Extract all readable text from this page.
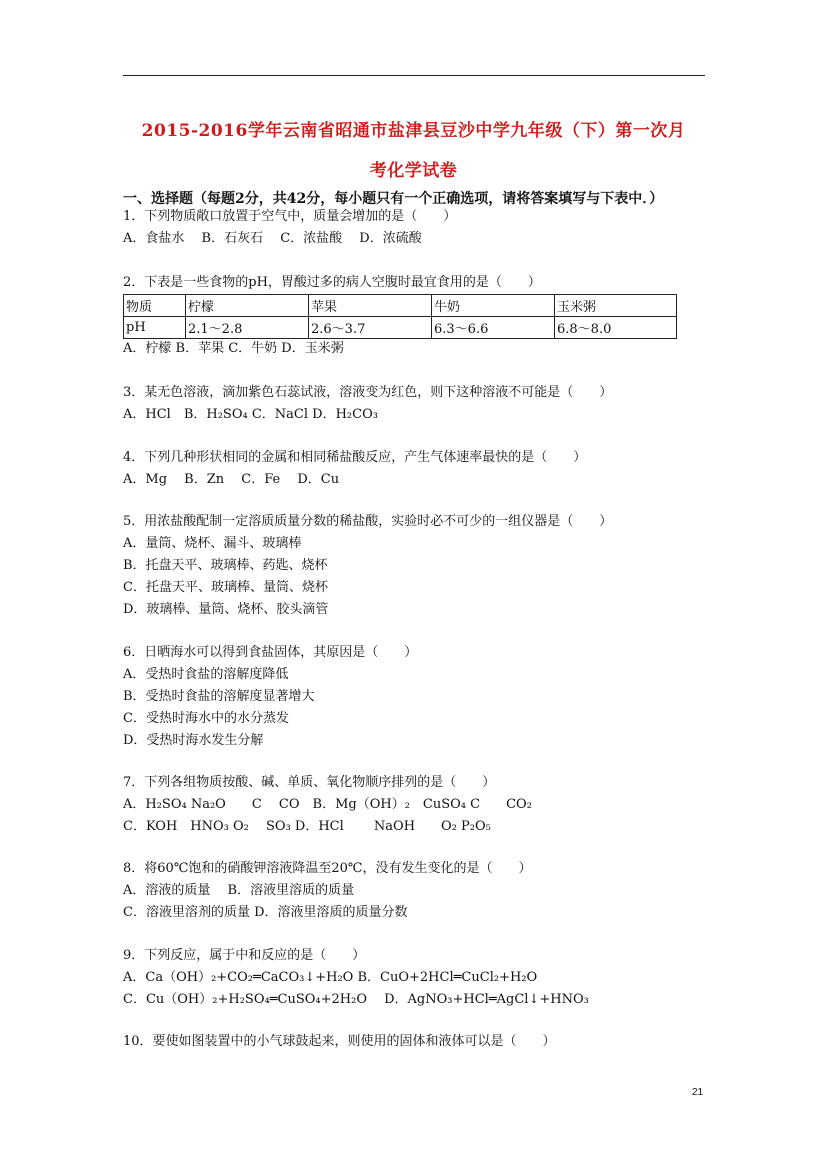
2015-2016学年云南省昭通市盐津县豆沙中学九年级（下）第一次月
考化学试卷
一、选择题（每题2分，共42分，每小题只有一个正确选项，请将答案填写与下表中．）
1．下列物质敞口放置于空气中，质量会增加的是（　　）
A．食盐水　 B．石灰石　 C．浓盐酸　 D．浓硫酸
2．下表是一些食物的pH，胃酸过多的病人空腹时最宜食用的是（　　）
物质	柠檬	苹果	牛奶	玉米粥
pH	2.1～2.8	2.6～3.7	6.3～6.6	6.8～8.0
A．柠檬 B．苹果 C．牛奶 D．玉米粥
3．某无色溶液，滴加紫色石蕊试液，溶液变为红色，则下这种溶液不可能是（　　）
A．HCl　B．H₂SO₄ C．NaCl D．H₂CO₃
4．下列几种形状相同的金属和相同稀盐酸反应，产生气体速率最快的是（　　）
A．Mg　 B．Zn　 C．Fe　 D．Cu
5．用浓盐酸配制一定溶质质量分数的稀盐酸，实验时必不可少的一组仪器是（　　）
A．量筒、烧杯、漏斗、玻璃棒
B．托盘天平、玻璃棒、药匙、烧杯
C．托盘天平、玻璃棒、量筒、烧杯
D．玻璃棒、量筒、烧杯、胶头滴管
6．日晒海水可以得到食盐固体，其原因是（　　）
A．受热时食盐的溶解度降低
B．受热时食盐的溶解度显著增大
C．受热时海水中的水分蒸发
D．受热时海水发生分解
7．下列各组物质按酸、碱、单质、氧化物顺序排列的是（　　）
A．H₂SO₄ Na₂O　　C　 CO　B．Mg（OH）₂　CuSO₄ C　　CO₂
C．KOH　HNO₃ O₂　 SO₃ D．HCl　　 NaOH　　O₂ P₂O₅
8．将60℃饱和的硝酸钾溶液降温至20℃，没有发生变化的是（　　）
A．溶液的质量　 B．溶液里溶质的质量
C．溶液里溶剂的质量 D．溶液里溶质的质量分数
9．下列反应，属于中和反应的是（　　）
A．Ca（OH）₂+CO₂═CaCO₃↓+H₂O B．CuO+2HCl═CuCl₂+H₂O
C．Cu（OH）₂+H₂SO₄═CuSO₄+2H₂O　 D．AgNO₃+HCl═AgCl↓+HNO₃
10．要使如图装置中的小气球鼓起来，则使用的固体和液体可以是（　　）
21
